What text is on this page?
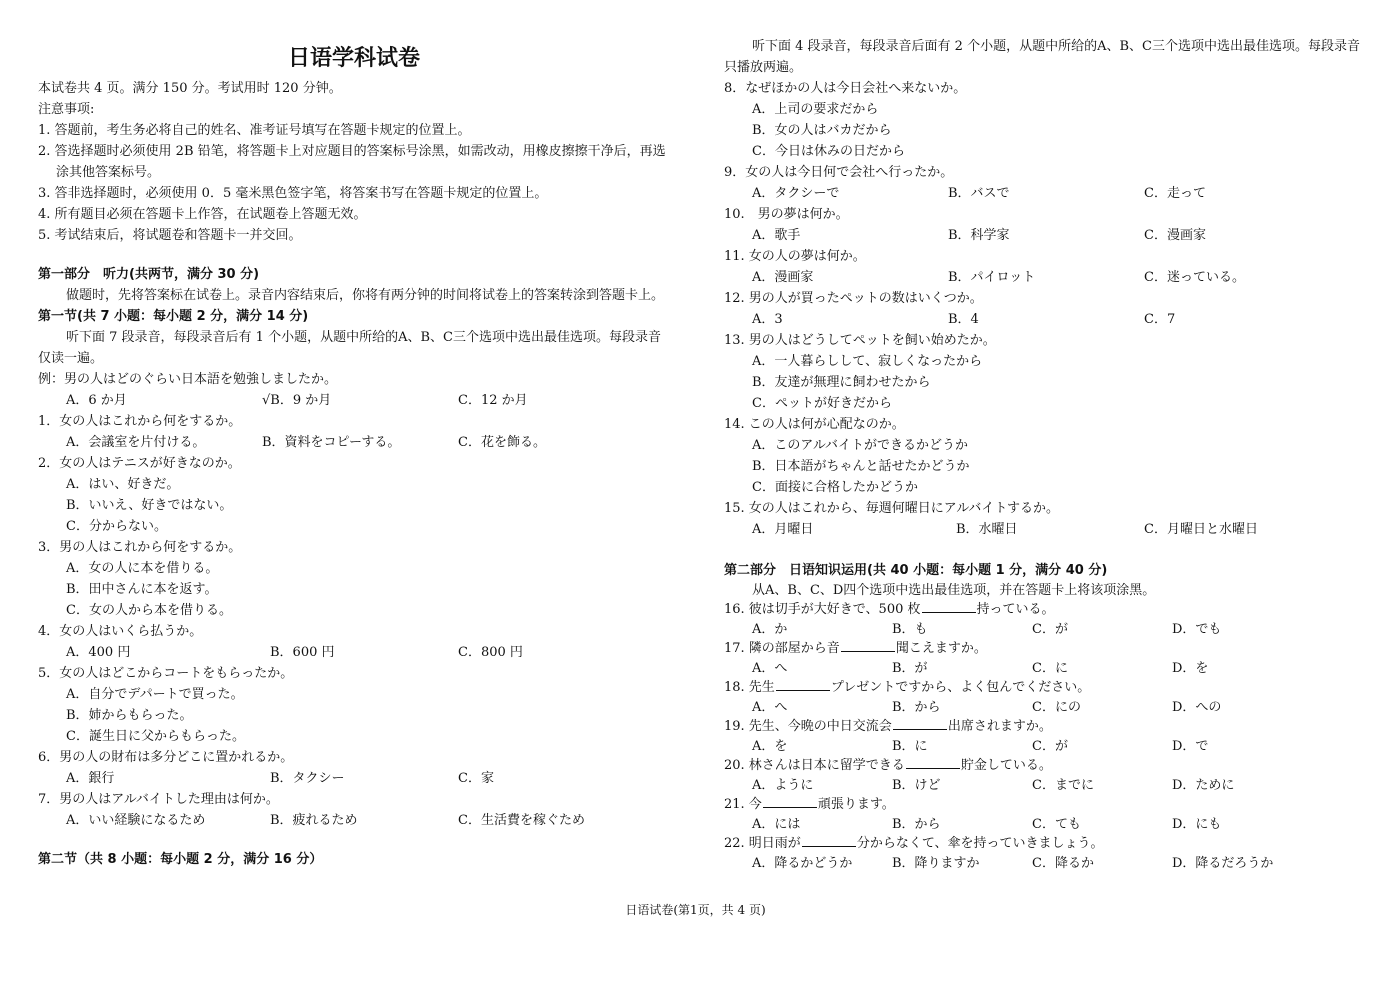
日语学科试卷
本试卷共 4 页。满分 150 分。考试用时 120 分钟。
注意事项:
1. 答题前，考生务必将自己的姓名、准考证号填写在答题卡规定的位置上。
2. 答选择题时必须使用 2B 铅笔，将答题卡上对应题目的答案标号涂黑，如需改动，用橡皮擦擦干净后，再选涂其他答案标号。
3. 答非选择题时，必须使用 0．5 毫米黑色签字笔，将答案书写在答题卡规定的位置上。
4. 所有题目必须在答题卡上作答，在试题卷上答题无效。
5. 考试结束后，将试题卷和答题卡一并交回。
第一部分　听力(共两节，满分 30 分)
做题时，先将答案标在试卷上。录音内容结束后，你将有两分钟的时间将试卷上的答案转涂到答题卡上。
第一节(共 7 小题：每小题 2 分，满分 14 分)
听下面 7 段录音，每段录音后有 1 个小题，从题中所给的A、B、C三个选项中选出最佳选项。每段录音仅读一遍。
例：男の人はどのぐらい日本語を勉強しましたか。
A．6 か月	√B．9 か月	C．12 か月
1．女の人はこれから何をするか。
A．会議室を片付ける。	B．資料をコピーする。	C．花を飾る。
2．女の人はテニスが好きなのか。
A．はい、好きだ。
B．いいえ、好きではない。
C．分からない。
3．男の人はこれから何をするか。
A．女の人に本を借りる。
B．田中さんに本を返す。
C．女の人から本を借りる。
4．女の人はいくら払うか。
A．400 円	B．600 円	C．800 円
5．女の人はどこからコートをもらったか。
A．自分でデパートで買った。
B．姉からもらった。
C．誕生日に父からもらった。
6．男の人の財布は多分どこに置かれるか。
A．銀行	B．タクシー	C．家
7．男の人はアルバイトした理由は何か。
A．いい経験になるため	B．疲れるため	C．生活費を稼ぐため
第二节（共 8 小题：每小题 2 分，满分 16 分）
听下面 4 段录音，每段录音后面有 2 个小题，从题中所给的A、B、C三个选项中选出最佳选项。每段录音只播放两遍。
8．なぜほかの人は今日会社へ来ないか。
A．上司の要求だから
B．女の人はバカだから
C．今日は休みの日だから
9．女の人は今日何で会社へ行ったか。
A．タクシーで	B．バスで	C．走って
10.　男の夢は何か。
A．歌手	B．科学家	C．漫画家
11. 女の人の夢は何か。
A．漫画家	B．パイロット	C．迷っている。
12. 男の人が買ったペットの数はいくつか。
A．3	B．4	C．7
13. 男の人はどうしてペットを飼い始めたか。
A．一人暮らしして、寂しくなったから
B．友達が無理に飼わせたから
C．ペットが好きだから
14. この人は何が心配なのか。
A．このアルバイトができるかどうか
B．日本語がちゃんと話せたかどうか
C．面接に合格したかどうか
15. 女の人はこれから、毎週何曜日にアルバイトするか。
A．月曜日	B．水曜日	C．月曜日と水曜日
第二部分　日语知识运用(共 40 小题：每小题 1 分，满分 40 分)
从A、B、C、D四个选项中选出最佳选项，并在答题卡上将该项涂黑。
16. 彼は切手が大好きで、500 枚	持っている。
A．か	B．も	C．が	D．でも
17. 隣の部屋から音	聞こえますか。
A．へ	B．が	C．に	D．を
18. 先生	プレゼントですから、よく包んでください。
A．へ	B．から	C．にの	D．への
19. 先生、今晩の中日交流会	出席されますか。
A．を	B．に	C．が	D．で
20. 林さんは日本に留学できる	貯金している。
A．ように	B．けど	C．までに	D．ために
21. 今	頑張ります。
A．には	B．から	C．ても	D．にも
22. 明日雨が	分からなくて、傘を持っていきましょう。
A．降るかどうか	B．降りますか	C．降るか	D．降るだろうか
日语试卷(第1页，共 4 页)
